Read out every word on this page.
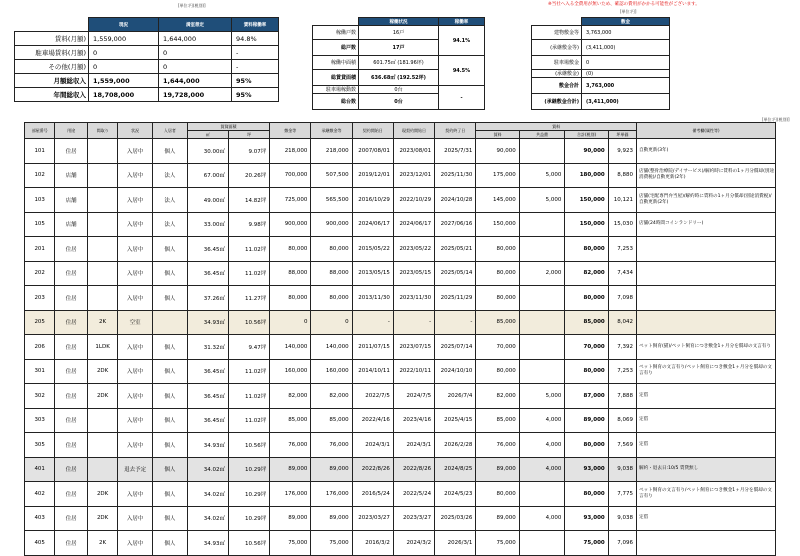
[単位:円(税別)]	※当社へ入る全費用が無いため、確認の費用がかかる可能性がございます。
[単位:円]
	現況	満室想定	賃料稼働率
賃料(月額)	1,559,000	1,644,000	94.8%
駐車場賃料(月額)	0	0	-
その他(月額)	0	0	-
月額総収入	1,559,000	1,644,000	95%
年間総収入	18,708,000	19,728,000	95%
	稼働状況	稼働率
稼働戸数	16戸	94.1%
総戸数	17戸	
稼働中面積	601.75㎡ (181.96坪)	94.5%
総賃貸面積	636.68㎡ (192.52坪)	
駐車場稼動数	0台	-
総台数	0台	
	敷金
建物敷金等	3,763,000
(承継敷金等)	(3,411,000)
駐車場敷金	0
(承継敷金)	(0)
敷金合計	3,763,000
(承継敷金合計)	(3,411,000)
[単位:円(税別)]
部屋番号	用途	間取り	状況	入居者	賃貸面積		敷金等	承継敷金等	契約開始日	現契約開始日	契約終了日	賃料				備考欄(属性等)
					㎡	坪						賃料	共益費	合計(税別)	坪単価	
101	住居		入居中	個人	30.00㎡	9.07坪	218,000	218,000	2007/08/01	2023/08/01	2025/7/31	90,000		90,000	9,923	自動更新(3年)
102	店舗		入居中	法人	67.00㎡	20.26坪	700,000	507,500	2019/12/01	2023/12/01	2025/11/30	175,000	5,000	180,000	8,880	店舗(整骨治療院/デイサービス)/解約時に賃料の1ヶ月分償却(別途消費税)/自動更新(2年)
103	店舗		入居中	法人	49.00㎡	14.82坪	725,000	565,500	2016/10/29	2022/10/29	2024/10/28	145,000	5,000	150,000	10,121	店舗(宅配専門弁当屋)/解約時に賃料の1ヶ月分償却(別途消費税)/自動更新(2年)
105	店舗		入居中	法人	33.00㎡	9.98坪	900,000	900,000	2024/06/17	2024/06/17	2027/06/16	150,000		150,000	15,030	店舗(24時間コインランドリー)
201	住居		入居中	個人	36.45㎡	11.02坪	80,000	80,000	2015/05/22	2023/05/22	2025/05/21	80,000		80,000	7,253	
202	住居		入居中	個人	36.45㎡	11.02坪	88,000	88,000	2013/05/15	2023/05/15	2025/05/14	80,000	2,000	82,000	7,434	
203	住居		入居中	個人	37.26㎡	11.27坪	80,000	80,000	2013/11/30	2023/11/30	2025/11/29	80,000		80,000	7,098	
205	住居	2K	空室		34.93㎡	10.56坪	0	0	-	-	-	85,000		85,000	8,042	
206	住居	1LDK	入居中	個人	31.32㎡	9.47坪	140,000	140,000	2011/07/15	2023/07/15	2025/07/14	70,000		70,000	7,392	ペット飼育(猫)/ペット飼育につき敷金1ヶ月分を償却の文言有り
301	住居	2DK	入居中	個人	36.45㎡	11.02坪	160,000	160,000	2014/10/11	2022/10/11	2024/10/10	80,000		80,000	7,253	ペット飼育の文言有り/ペット飼育につき敷金1ヶ月分を償却の文言有り
302	住居	2DK	入居中	個人	36.45㎡	11.02坪	82,000	82,000	2022/7/5	2024/7/5	2026/7/4	82,000	5,000	87,000	7,888	定借
303	住居		入居中	個人	36.45㎡	11.02坪	85,000	85,000	2022/4/16	2023/4/16	2025/4/15	85,000	4,000	89,000	8,069	定借
305	住居		入居中	個人	34.93㎡	10.56坪	76,000	76,000	2024/3/1	2024/3/1	2026/2/28	76,000	4,000	80,000	7,569	定借
401	住居		退去予定	個人	34.02㎡	10.29坪	89,000	89,000	2022/8/26	2022/8/26	2024/8/25	89,000	4,000	93,000	9,038	解約・退去日:10/5 賃貸無し
402	住居	2DK	入居中	個人	34.02㎡	10.29坪	176,000	176,000	2016/5/24	2022/5/24	2024/5/23	80,000		80,000	7,775	ペット飼育の文言有り/ペット飼育につき敷金1ヶ月分を償却の文言有り
403	住居	2DK	入居中	個人	34.02㎡	10.29坪	89,000	89,000	2023/03/27	2023/3/27	2025/03/26	89,000	4,000	93,000	9,038	定借
405	住居	2K	入居中	個人	34.93㎡	10.56坪	75,000	75,000	2016/3/2	2024/3/2	2026/3/1	75,000		75,000	7,096	
